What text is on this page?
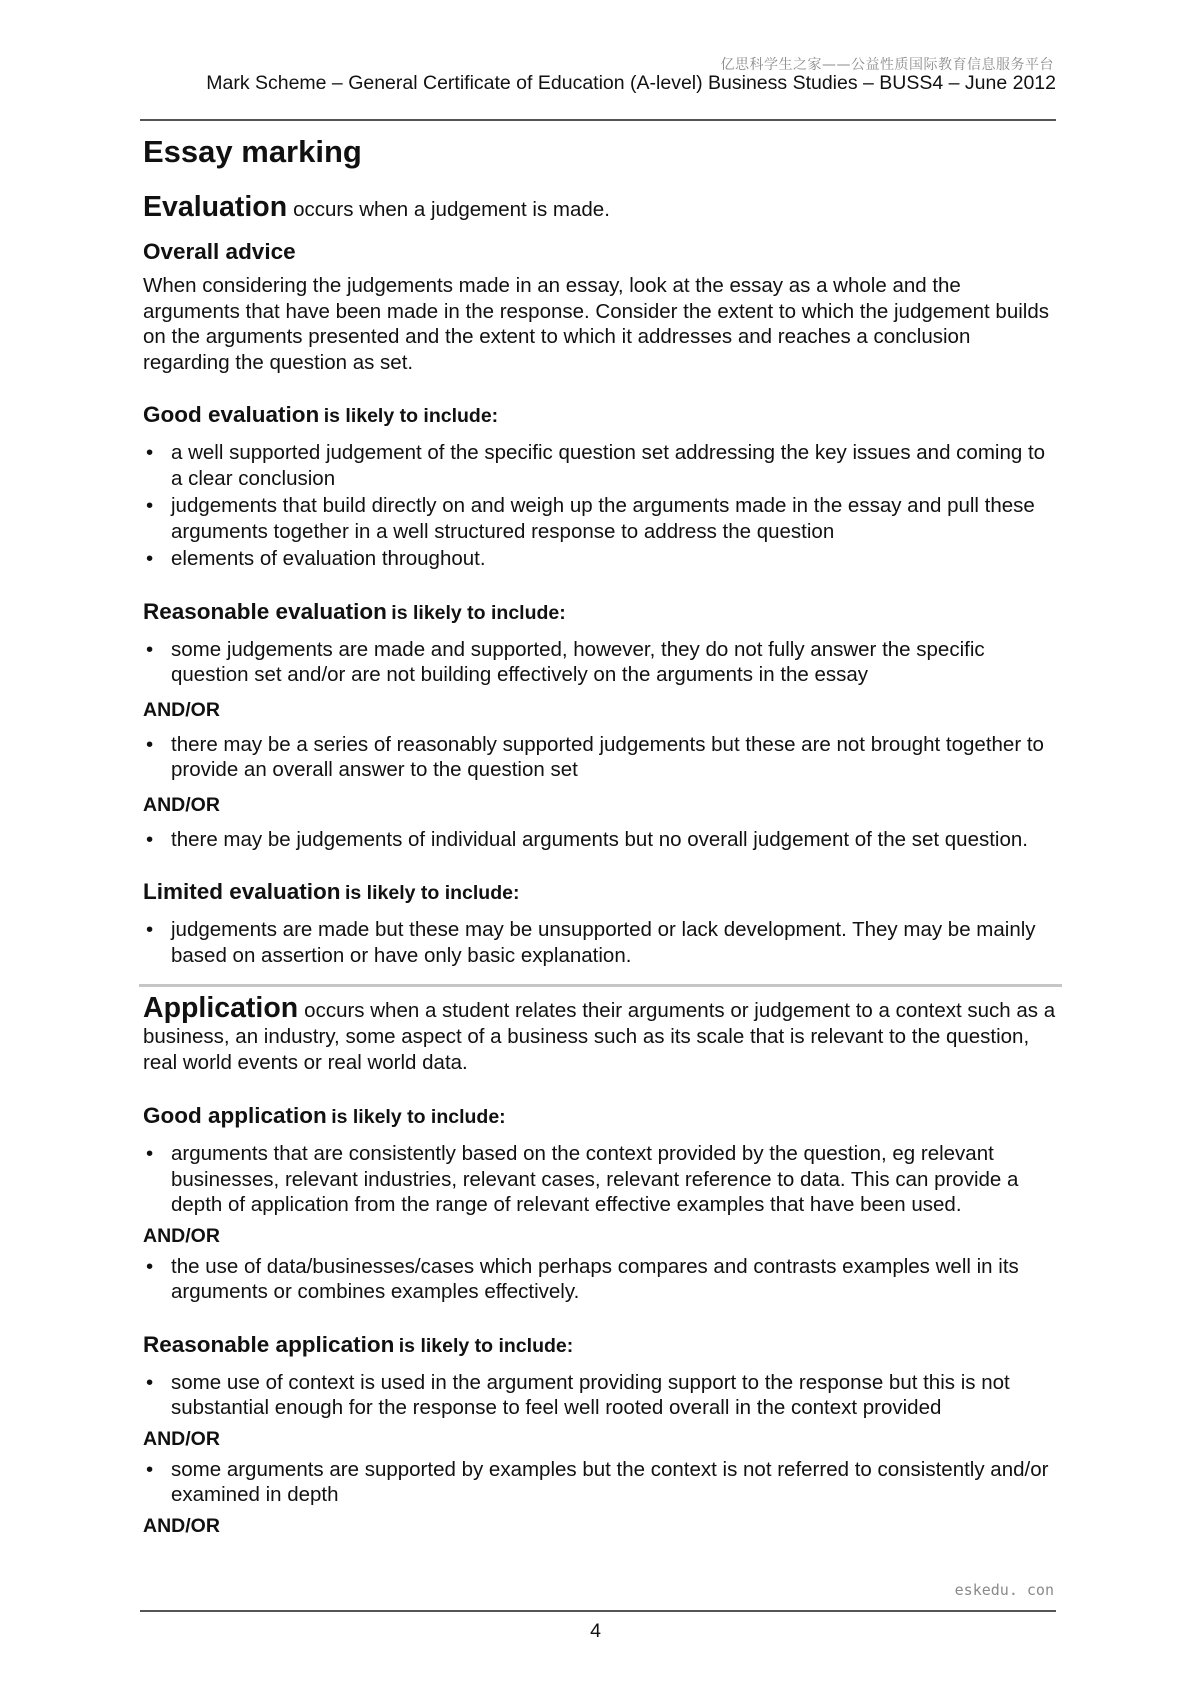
亿思科学生之家——公益性质国际教育信息服务平台
Mark Scheme – General Certificate of Education (A-level) Business Studies – BUSS4 – June 2012
Essay marking

Evaluation occurs when a judgement is made.

Overall advice

When considering the judgements made in an essay, look at the essay as a whole and the arguments that have been made in the response. Consider the extent to which the judgement builds on the arguments presented and the extent to which it addresses and reaches a conclusion regarding the question as set.

Good evaluation is likely to include:
• a well supported judgement of the specific question set addressing the key issues and coming to a clear conclusion
• judgements that build directly on and weigh up the arguments made in the essay and pull these arguments together in a well structured response to address the question
• elements of evaluation throughout.
Reasonable evaluation is likely to include:
• some judgements are made and supported, however, they do not fully answer the specific question set and/or are not building effectively on the arguments in the essay
AND/OR
• there may be a series of reasonably supported judgements but these are not brought together to provide an overall answer to the question set
AND/OR
• there may be judgements of individual arguments but no overall judgement of the set question.
Limited evaluation is likely to include:
• judgements are made but these may be unsupported or lack development. They may be mainly based on assertion or have only basic explanation.

Application occurs when a student relates their arguments or judgement to a context such as a business, an industry, some aspect of a business such as its scale that is relevant to the question, real world events or real world data.

Good application is likely to include:
• arguments that are consistently based on the context provided by the question, eg relevant businesses, relevant industries, relevant cases, relevant reference to data. This can provide a depth of application from the range of relevant effective examples that have been used.
AND/OR
• the use of data/businesses/cases which perhaps compares and contrasts examples well in its arguments or combines examples effectively.
Reasonable application is likely to include:
• some use of context is used in the argument providing support to the response but this is not substantial enough for the response to feel well rooted overall in the context provided
AND/OR
• some arguments are supported by examples but the context is not referred to consistently and/or examined in depth
AND/OR
eskedu. con
4
